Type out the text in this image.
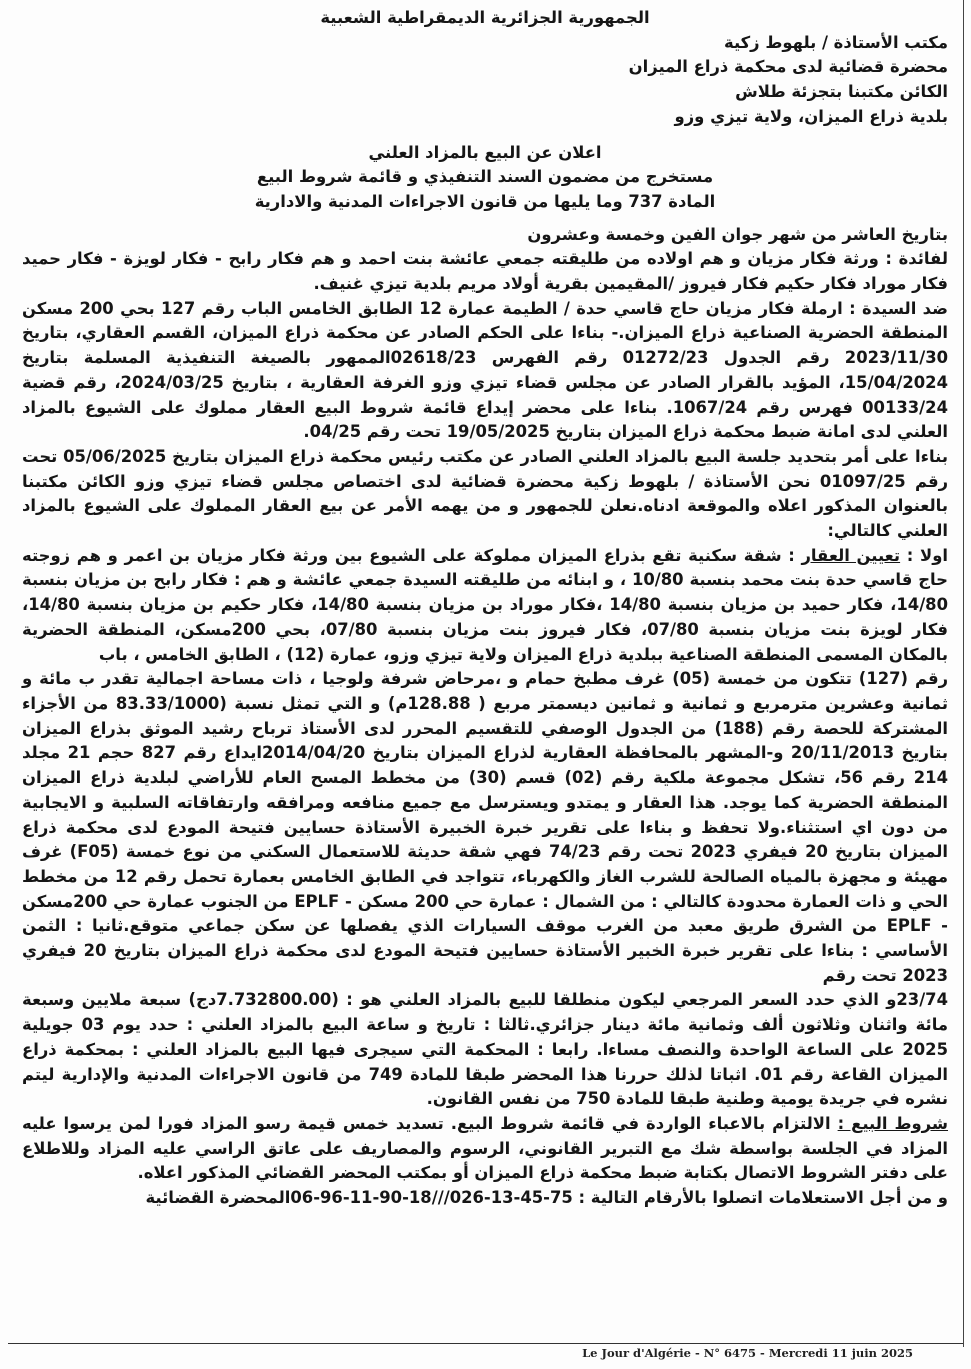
الجمهورية الجزائرية الديمقراطية الشعبية

مكتب الأستاذة / بلهوط زكية

محضرة قضائية لدى محكمة ذراع الميزان

الكائن مكتبنا بتجزئة طلاش

بلدية ذراع الميزان، ولاية تيزي وزو

اعلان عن البيع بالمزاد العلني

مستخرج من مضمون السند التنفيذي و قائمة شروط البيع

المادة 737 وما يليها من قانون الاجراءات المدنية والادارية

بتاريخ العاشر من شهر جوان الفين وخمسة وعشرون

لفائدة : ورثة فكار مزيان و هم اولاده من طليقته جمعي عائشة بنت احمد و هم فكار رابح - فكار لويزة - فكار حميد فكار موراد فكار حكيم فكار فيروز /المقيمين بقرية أولاد مريم بلدية تيزي غنيف.

ضد السيدة : ارملة فكار مزيان حاج قاسي حدة / الطيمة عمارة 12 الطابق الخامس الباب رقم 127 بحي 200 مسكن المنطقة الحضرية الصناعية ذراع الميزان.- بناءا على الحكم الصادر عن محكمة ذراع الميزان، القسم العقاري، بتاريخ 2023/11/30 رقم الجدول 01272/23 رقم الفهرس 02618/23الممهور بالصيغة التنفيذية المسلمة بتاريخ 15/04/2024، المؤيد بالقرار الصادر عن مجلس قضاء تيزي وزو الغرفة العقارية ، بتاريخ 2024/03/25، رقم قضية 00133/24 فهرس رقم 1067/24. بناءا على محضر إيداع قائمة شروط البيع العقار مملوك على الشيوع بالمزاد العلني لدى امانة ضبط محكمة ذراع الميزان بتاريخ 19/05/2025 تحت رقم 04/25.

بناءا على أمر بتحديد جلسة البيع بالمزاد العلني الصادر عن مكتب رئيس محكمة ذراع الميزان بتاريخ 05/06/2025 تحت رقم 01097/25 نحن الأستاذة / بلهوط زكية محضرة قضائية لدى اختصاص مجلس قضاء تيزي وزو الكائن مكتبنا بالعنوان المذكور اعلاه والموقعة ادناه.نعلن للجمهور و من يهمه الأمر عن بيع العقار المملوك على الشيوع بالمزاد العلني كالتالي:

اولا : تعيين العقار : شقة سكنية تقع بذراع الميزان مملوكة على الشيوع بين ورثة فكار مزيان بن اعمر و هم زوجته حاج قاسي حدة بنت محمد بنسبة 10/80 ، و ابنائه من طليقته السيدة جمعي عائشة و هم : فكار رابح بن مزيان بنسبة 14/80، فكار حميد بن مزيان بنسبة 14/80 ،فكار موراد بن مزيان بنسبة 14/80، فكار حكيم بن مزيان بنسبة 14/80، فكار لويزة بنت مزيان بنسبة 07/80، فكار فيروز بنت مزيان بنسبة 07/80، بحي 200مسكن، المنطقة الحضرية بالمكان المسمى المنطقة الصناعية ببلدية ذراع الميزان ولاية تيزي وزو، عمارة (12) ، الطابق الخامس ، باب

رقم (127) تتكون من خمسة (05) غرف مطبخ حمام و ،مرحاض شرفة ولوجيا ، ذات مساحة اجمالية تقدر ب مائة و ثمانية وعشرين مترمربع و ثمانية و ثمانين ديسمتر مربع ( 128.88م) و التي تمثل نسبة (83.33/1000 من الأجزاء المشتركة للحصة رقم (188) من الجدول الوصفي للتقسيم المحرر لدى الأستاذ ترباح رشيد الموثق بذراع الميزان بتاريخ 20/11/2013 و-المشهر بالمحافظة العقارية لذراع الميزان بتاريخ 2014/04/20ايداع رقم 827 حجم 21 مجلد 214 رقم 56، تشكل مجموعة ملكية رقم (02) قسم (30) من مخطط المسح العام للأراضي لبلدية ذراع الميزان المنطقة الحضرية كما يوجد. هذا العقار و يمتدو ويسترسل مع جميع منافعه ومرافقه وارتفاقاته السلبية و الايجابية من دون اي استثناء.ولا تحفظ و بناءا على تقرير خبرة الخبيرة الأستاذة حسايين فتيحة المودع لدى محكمة ذراع الميزان بتاريخ 20 فيفري 2023 تحت رقم 74/23 فهي شقة حديثة للاستعمال السكني من نوع خمسة (F05) غرف مهيئة و مجهزة بالمياه الصالحة للشرب الغاز والكهرباء، تتواجد في الطابق الخامس بعمارة تحمل رقم 12 من مخطط الحي و ذات العمارة محدودة كالتالي : من الشمال : عمارة حي 200 مسكن - EPLF من الجنوب عمارة حي 200مسكن - EPLF من الشرق طريق معبد من الغرب موقف السيارات الذي يفصلها عن سكن جماعي متوقع.ثانيا : الثمن الأساسي : بناءا على تقرير خبرة الخبير الأستاذة حسايين فتيحة المودع لدى محكمة ذراع الميزان بتاريخ 20 فيفري 2023 تحت رقم

23/74و الذي حدد السعر المرجعي ليكون منطلقا للبيع بالمزاد العلني هو : (7.732800.00دج) سبعة ملايين وسبعة مائة واثنان وثلاثون ألف وثمانية مائة دينار جزائري.ثالثا : تاريخ و ساعة البيع بالمزاد العلني : حدد يوم 03 جويلية 2025 على الساعة الواحدة والنصف مساءا. رابعا : المحكمة التي سيجرى فيها البيع بالمزاد العلني : بمحكمة ذراع الميزان القاعة رقم 01. اثباتا لذلك حررنا هذا المحضر طبقا للمادة 749 من قانون الاجراءات المدنية والإدارية ليتم نشره في جريدة يومية وطنية طبقا للمادة 750 من نفس القانون.

شروط البيع : الالتزام بالاعباء الواردة في قائمة شروط البيع. تسديد خمس قيمة رسو المزاد فورا لمن يرسوا عليه المزاد في الجلسة بواسطة شك مع التبرير القانوني، الرسوم والمصاريف على عاتق الراسي عليه المزاد وللاطلاع على دفتر الشروط الاتصال بكتابة ضبط محكمة ذراع الميزان أو بمكتب المحضر القضائي المذكور اعلاه.

و من أجل الاستعلامات اتصلوا بالأرقام التالية : 75-45-13-026///18-90-11-96-06المحضرة القضائية

Le Jour d'Algérie - N° 6475 - Mercredi 11 juin 2025
